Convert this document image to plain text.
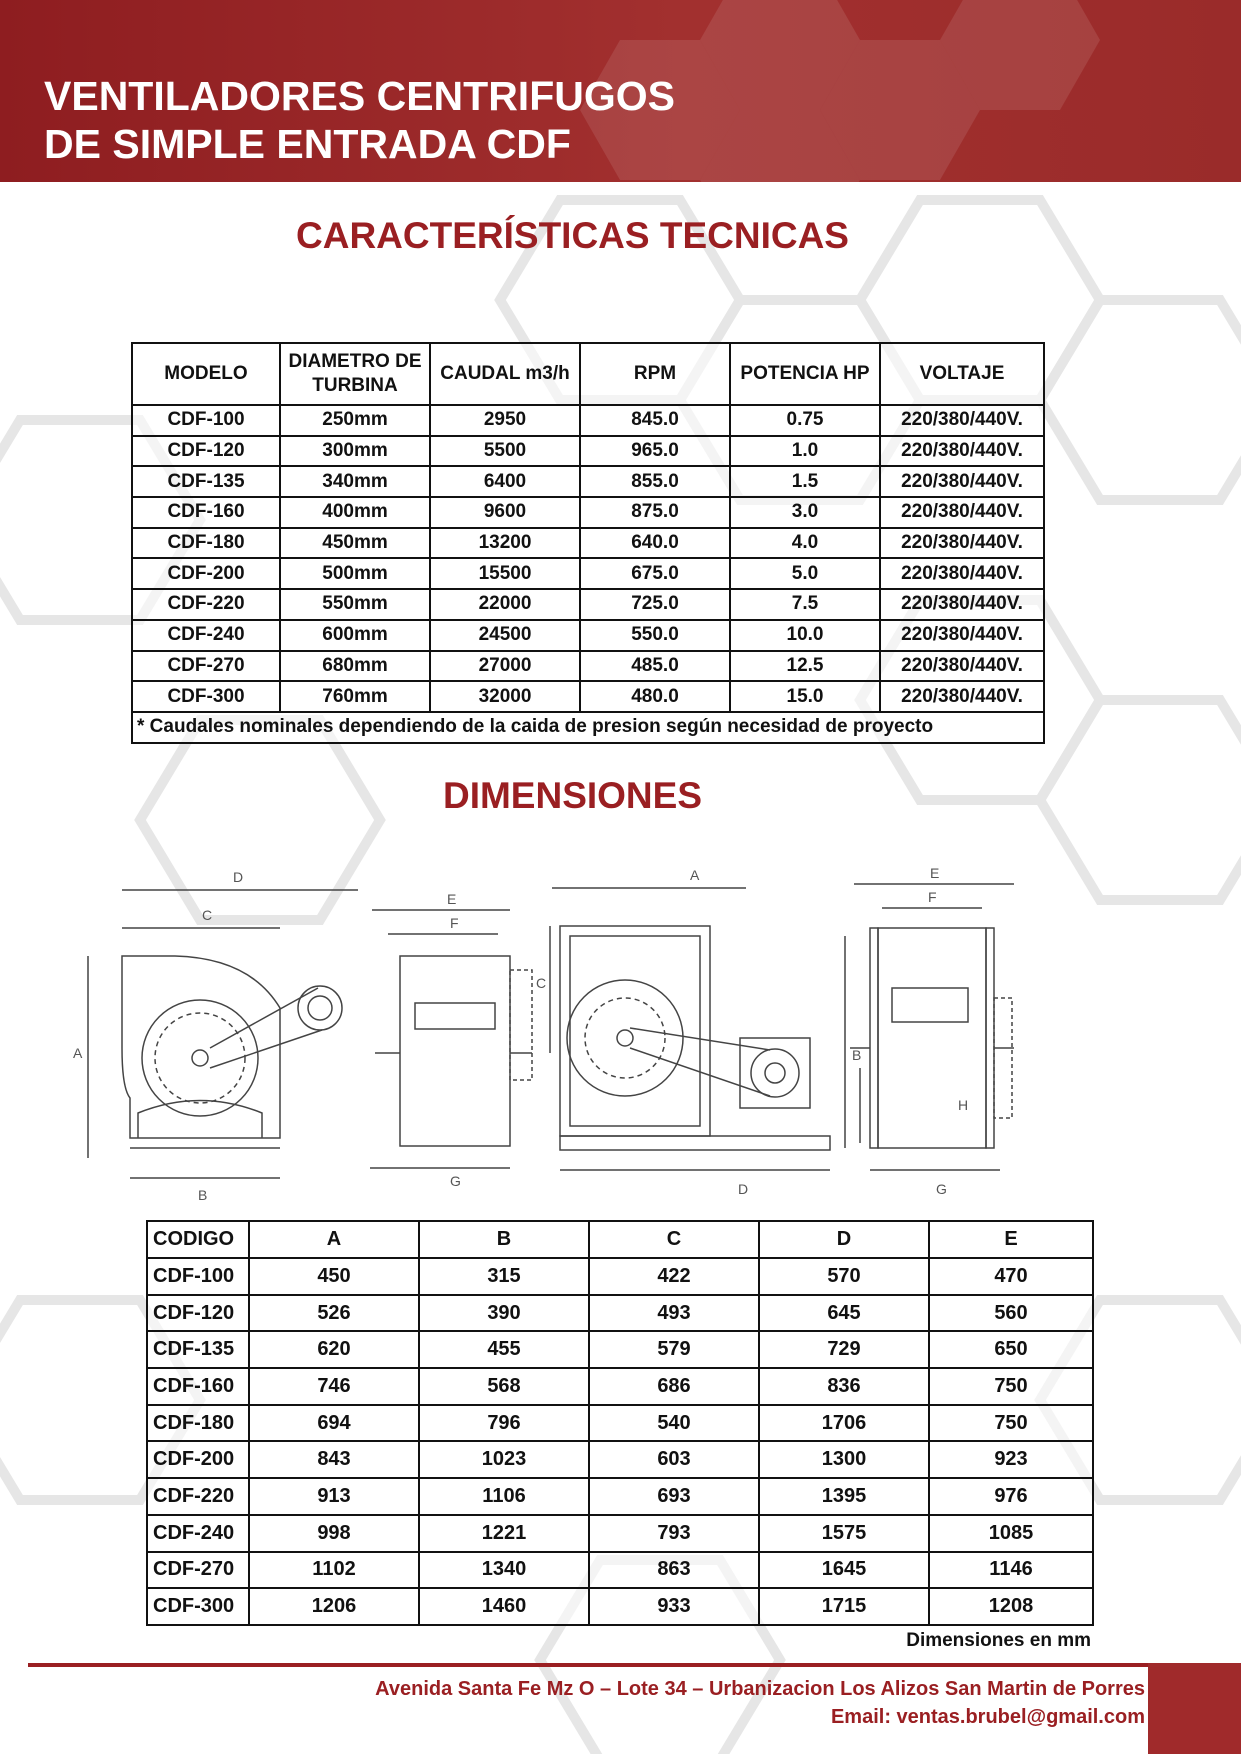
VENTILADORES CENTRIFUGOS
DE SIMPLE ENTRADA CDF
CARACTERÍSTICAS TECNICAS
MODELO	DIAMETRO DE TURBINA	CAUDAL m3/h	RPM	POTENCIA HP	VOLTAJE
CDF-100	250mm	2950	845.0	0.75	220/380/440V.
CDF-120	300mm	5500	965.0	1.0	220/380/440V.
CDF-135	340mm	6400	855.0	1.5	220/380/440V.
CDF-160	400mm	9600	875.0	3.0	220/380/440V.
CDF-180	450mm	13200	640.0	4.0	220/380/440V.
CDF-200	500mm	15500	675.0	5.0	220/380/440V.
CDF-220	550mm	22000	725.0	7.5	220/380/440V.
CDF-240	600mm	24500	550.0	10.0	220/380/440V.
CDF-270	680mm	27000	485.0	12.5	220/380/440V.
CDF-300	760mm	32000	480.0	15.0	220/380/440V.
* Caudales nominales dependiendo de la caida de presion según necesidad de proyecto					
DIMENSIONES
D
C
A
B
E
F
G
A
C
B
D
E
F
H
G
CODIGO	A	B	C	D	E
CDF-100	450	315	422	570	470
CDF-120	526	390	493	645	560
CDF-135	620	455	579	729	650
CDF-160	746	568	686	836	750
CDF-180	694	796	540	1706	750
CDF-200	843	1023	603	1300	923
CDF-220	913	1106	693	1395	976
CDF-240	998	1221	793	1575	1085
CDF-270	1102	1340	863	1645	1146
CDF-300	1206	1460	933	1715	1208
Dimensiones en mm
Avenida Santa Fe Mz O – Lote 34 – Urbanizacion Los Alizos San Martin de Porres
Email: ventas.brubel@gmail.com
